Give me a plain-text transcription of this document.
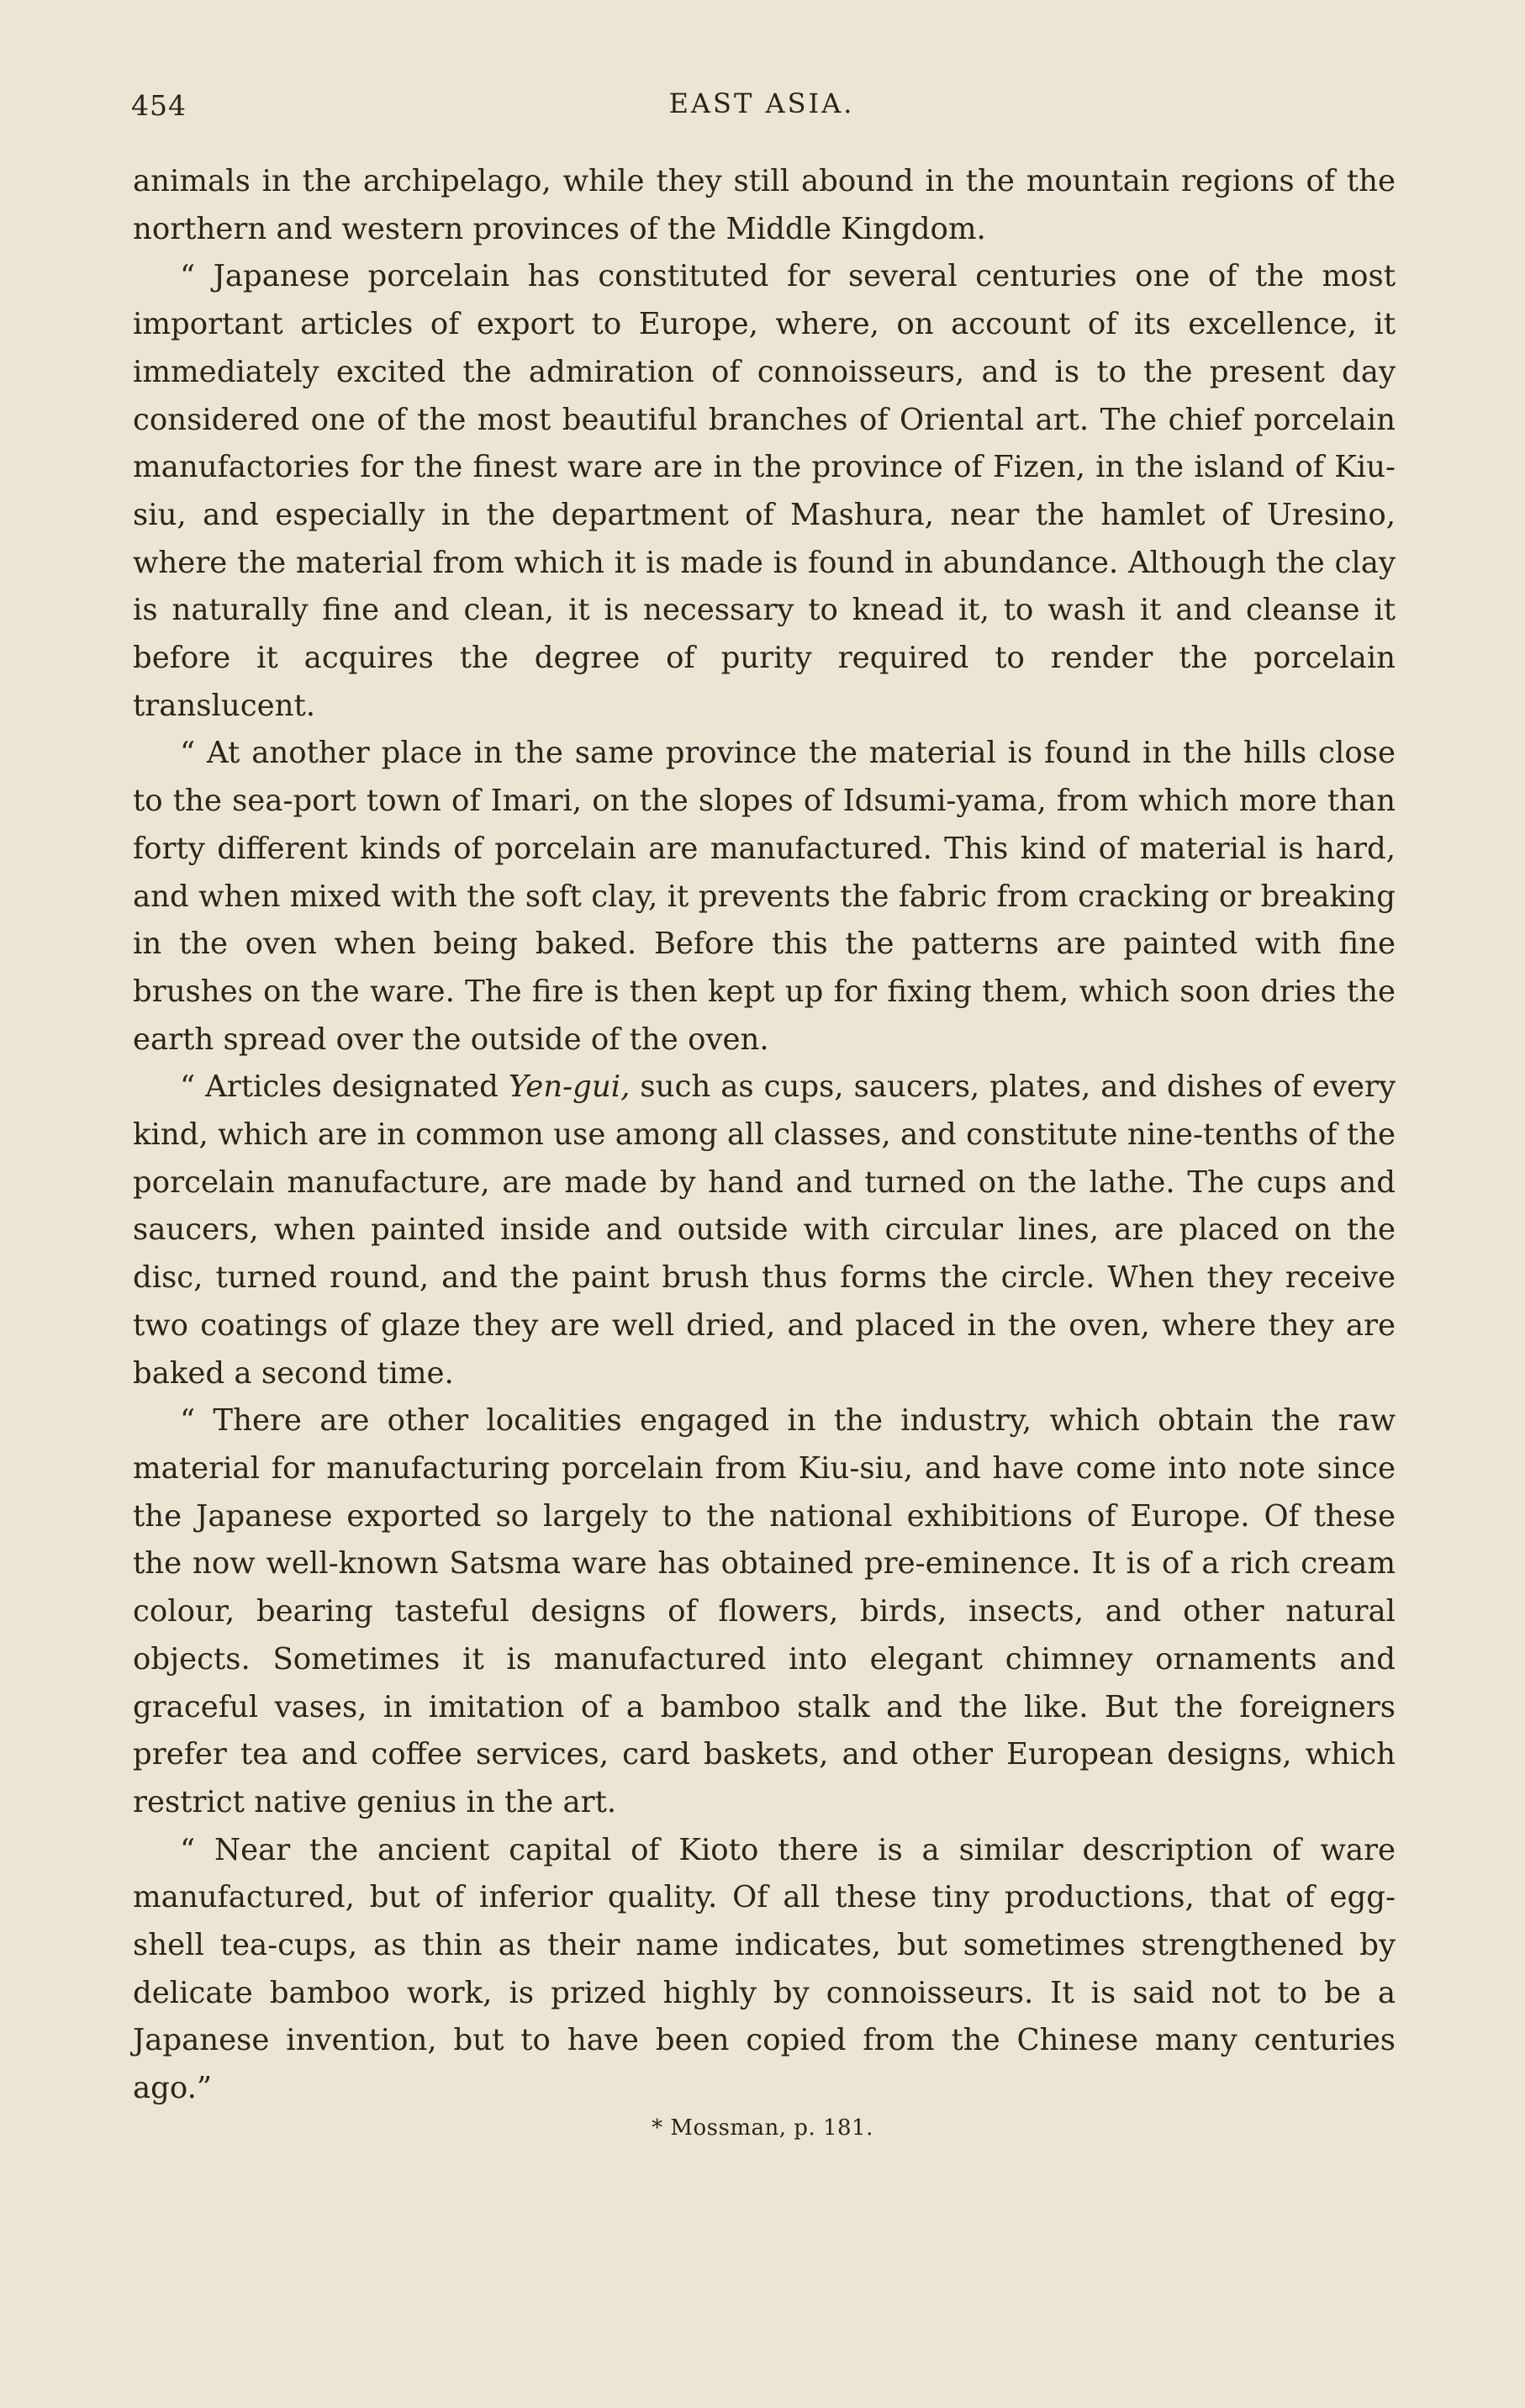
454	EAST ASIA.

animals in the archipelago, while they still abound in the mountain regions of the northern and western provinces of the Middle Kingdom.

“ Japanese porcelain has constituted for several centuries one of the most important articles of export to Europe, where, on account of its excellence, it immediately excited the admiration of connoisseurs, and is to the present day considered one of the most beautiful branches of Oriental art. The chief porcelain manufactories for the finest ware are in the province of Fizen, in the island of Kiu-siu, and especially in the department of Mashura, near the hamlet of Uresino, where the material from which it is made is found in abundance. Although the clay is naturally fine and clean, it is necessary to knead it, to wash it and cleanse it before it acquires the degree of purity required to render the porcelain translucent.

“ At another place in the same province the material is found in the hills close to the sea-port town of Imari, on the slopes of Idsumi-yama, from which more than forty different kinds of porcelain are manufactured. This kind of material is hard, and when mixed with the soft clay, it prevents the fabric from cracking or breaking in the oven when being baked. Before this the patterns are painted with fine brushes on the ware. The fire is then kept up for fixing them, which soon dries the earth spread over the outside of the oven.

“ Articles designated Yen-gui, such as cups, saucers, plates, and dishes of every kind, which are in common use among all classes, and constitute nine-tenths of the porcelain manufacture, are made by hand and turned on the lathe. The cups and saucers, when painted inside and outside with circular lines, are placed on the disc, turned round, and the paint brush thus forms the circle. When they receive two coatings of glaze they are well dried, and placed in the oven, where they are baked a second time.

“ There are other localities engaged in the industry, which obtain the raw material for manufacturing porcelain from Kiu-siu, and have come into note since the Japanese exported so largely to the national exhibitions of Europe. Of these the now well-known Satsma ware has obtained pre-eminence. It is of a rich cream colour, bearing tasteful designs of flowers, birds, insects, and other natural objects. Sometimes it is manufactured into elegant chimney ornaments and graceful vases, in imitation of a bamboo stalk and the like. But the foreigners prefer tea and coffee services, card baskets, and other European designs, which restrict native genius in the art.

“ Near the ancient capital of Kioto there is a similar description of ware manufactured, but of inferior quality. Of all these tiny productions, that of egg-shell tea-cups, as thin as their name indicates, but sometimes strengthened by delicate bamboo work, is prized highly by connoisseurs. It is said not to be a Japanese invention, but to have been copied from the Chinese many centuries ago.”

* Mossman, p. 181.
